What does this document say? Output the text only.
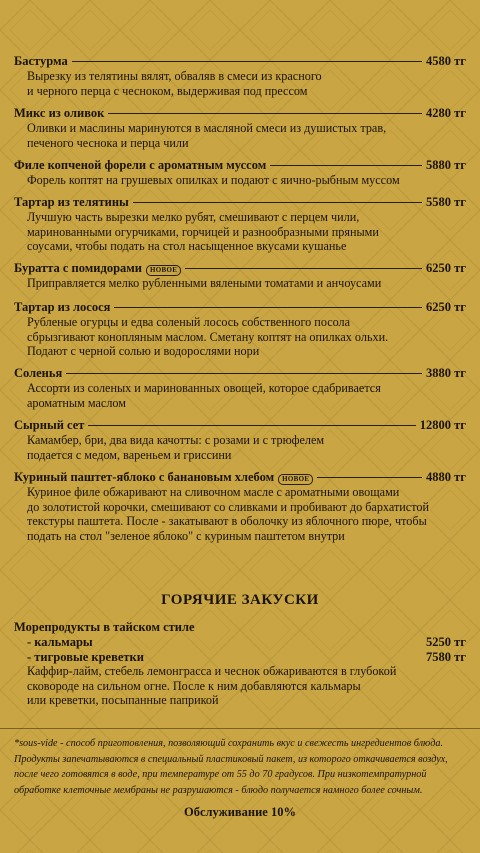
Бастурма	4580 тг
Вырезку из телятины вялят, обваляв в смеси из красного
и черного перца с чесноком, выдерживая под прессом
Микс из оливок	4280 тг
Оливки и маслины маринуются в масляной смеси из душистых трав,
печеного чеснока и перца чили
Филе копченой форели с ароматным муссом	5880 тг
Форель коптят на грушевых опилках и подают с яично-рыбным муссом
Тартар из телятины	5580 тг
Лучшую часть вырезки мелко рубят, смешивают с перцем чили,
маринованными огурчиками, горчицей и разнообразными пряными
соусами, чтобы подать на стол насыщенное вкусами кушанье
Буратта с помидорами	НОВОЕ	6250 тг
Приправляется мелко рубленными вялеными томатами и анчоусами
Тартар из лосося	6250 тг
Рубленые огурцы и едва соленый лосось собственного посола
сбрызгивают конопляным маслом. Сметану коптят на опилках ольхи.
Подают с черной солью и водорослями нори
Соленья	3880 тг
Ассорти из соленых и маринованных овощей, которое сдабривается
ароматным маслом
Сырный сет	12800 тг
Камамбер, бри, два вида качотты: с розами и с трюфелем
подается с медом, вареньем и гриссини
Куриный паштет-яблоко с банановым хлебом	НОВОЕ	4880 тг
Куриное филе обжаривают на сливочном масле с ароматными овощами
до золотистой корочки, смешивают со сливками и пробивают до бархатистой
текстуры паштета. После - закатывают в оболочку из яблочного пюре, чтобы
подать на стол "зеленое яблоко" с куриным паштетом внутри
ГОРЯЧИЕ ЗАКУСКИ
Морепродукты в тайском стиле
- кальмары	5250 тг
- тигровые креветки	7580 тг
Каффир-лайм, стебель лемонграсса и чеснок обжариваются в глубокой
сковороде на сильном огне. После к ним добавляются кальмары
или креветки, посыпанные паприкой
*sous-vide - способ приготовления, позволяющий сохранить вкус и свежесть ингредиентов блюда. Продукты запечатываются в специальный пластиковый пакет, из которого откачивается воздух, после чего готовятся в воде, при температуре от 55 до 70 градусов. При низкотемпратурной обработке клеточные мембраны не разрушаются - блюдо получается намного более сочным.
Обслуживание 10%
